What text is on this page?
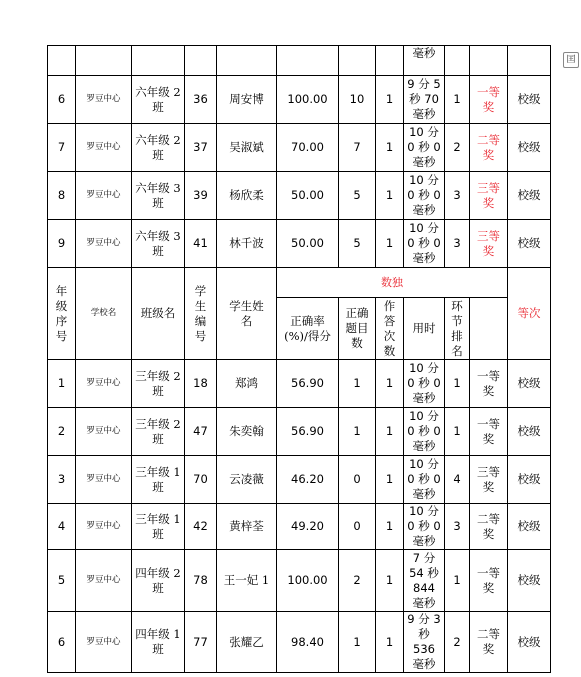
囯
								毫秒				
6	罗豆中心	六年级 2
班	36	周安博	100.00	10	1	9 分 5
秒 70
毫秒	1	一等
奖	校级	
7	罗豆中心	六年级 2
班	37	吴淑斌	70.00	7	1	10 分
0 秒 0
毫秒	2	二等
奖	校级	
8	罗豆中心	六年级 3
班	39	杨欣柔	50.00	5	1	10 分
0 秒 0
毫秒	3	三等
奖	校级	
9	罗豆中心	六年级 3
班	41	林千波	50.00	5	1	10 分
0 秒 0
毫秒	3	三等
奖	校级	
年
级
序
号	学校名	班级名	学
生
编
号	学生姓
名	数独						等次	
					正确率
(%)/得分	正确
题目
数	作
答
次
数	用时	环
节
排
名			
1	罗豆中心	三年级 2
班	18	郑鸿	56.90	1	1	10 分
0 秒 0
毫秒	1	一等
奖	校级	
2	罗豆中心	三年级 2
班	47	朱奕翰	56.90	1	1	10 分
0 秒 0
毫秒	1	一等
奖	校级	
3	罗豆中心	三年级 1
班	70	云凌薇	46.20	0	1	10 分
0 秒 0
毫秒	4	三等
奖	校级	
4	罗豆中心	三年级 1
班	42	黄梓荃	49.20	0	1	10 分
0 秒 0
毫秒	3	二等
奖	校级	
5	罗豆中心	四年级 2
班	78	王一妃 1	100.00	2	1	7 分
54 秒
844
毫秒	1	一等
奖	校级	
6	罗豆中心	四年级 1
班	77	张耀乙	98.40	1	1	9 分 3
秒
536
毫秒	2	二等
奖	校级	
